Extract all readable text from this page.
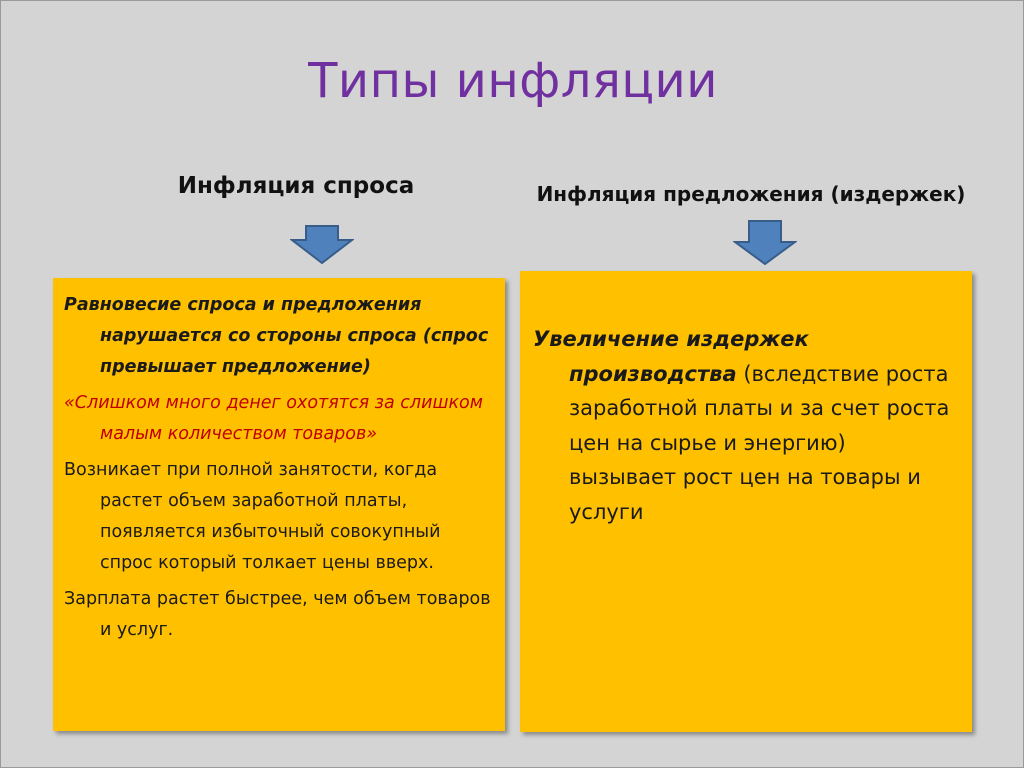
Типы инфляции
Инфляция спроса	Инфляция предложения (издержек)

Равновесие спроса и предложения нарушается со стороны спроса (спрос превышает предложение)

«Слишком много денег охотятся за слишком малым количеством товаров»

Возникает при полной занятости, когда растет объем заработной платы, появляется избыточный совокупный спрос который толкает цены вверх.

Зарплата растет быстрее, чем объем товаров и услуг.

Увеличение издержек производства (вследствие роста заработной платы и за счет роста цен на сырье и энергию) вызывает рост цен на товары и услуги
